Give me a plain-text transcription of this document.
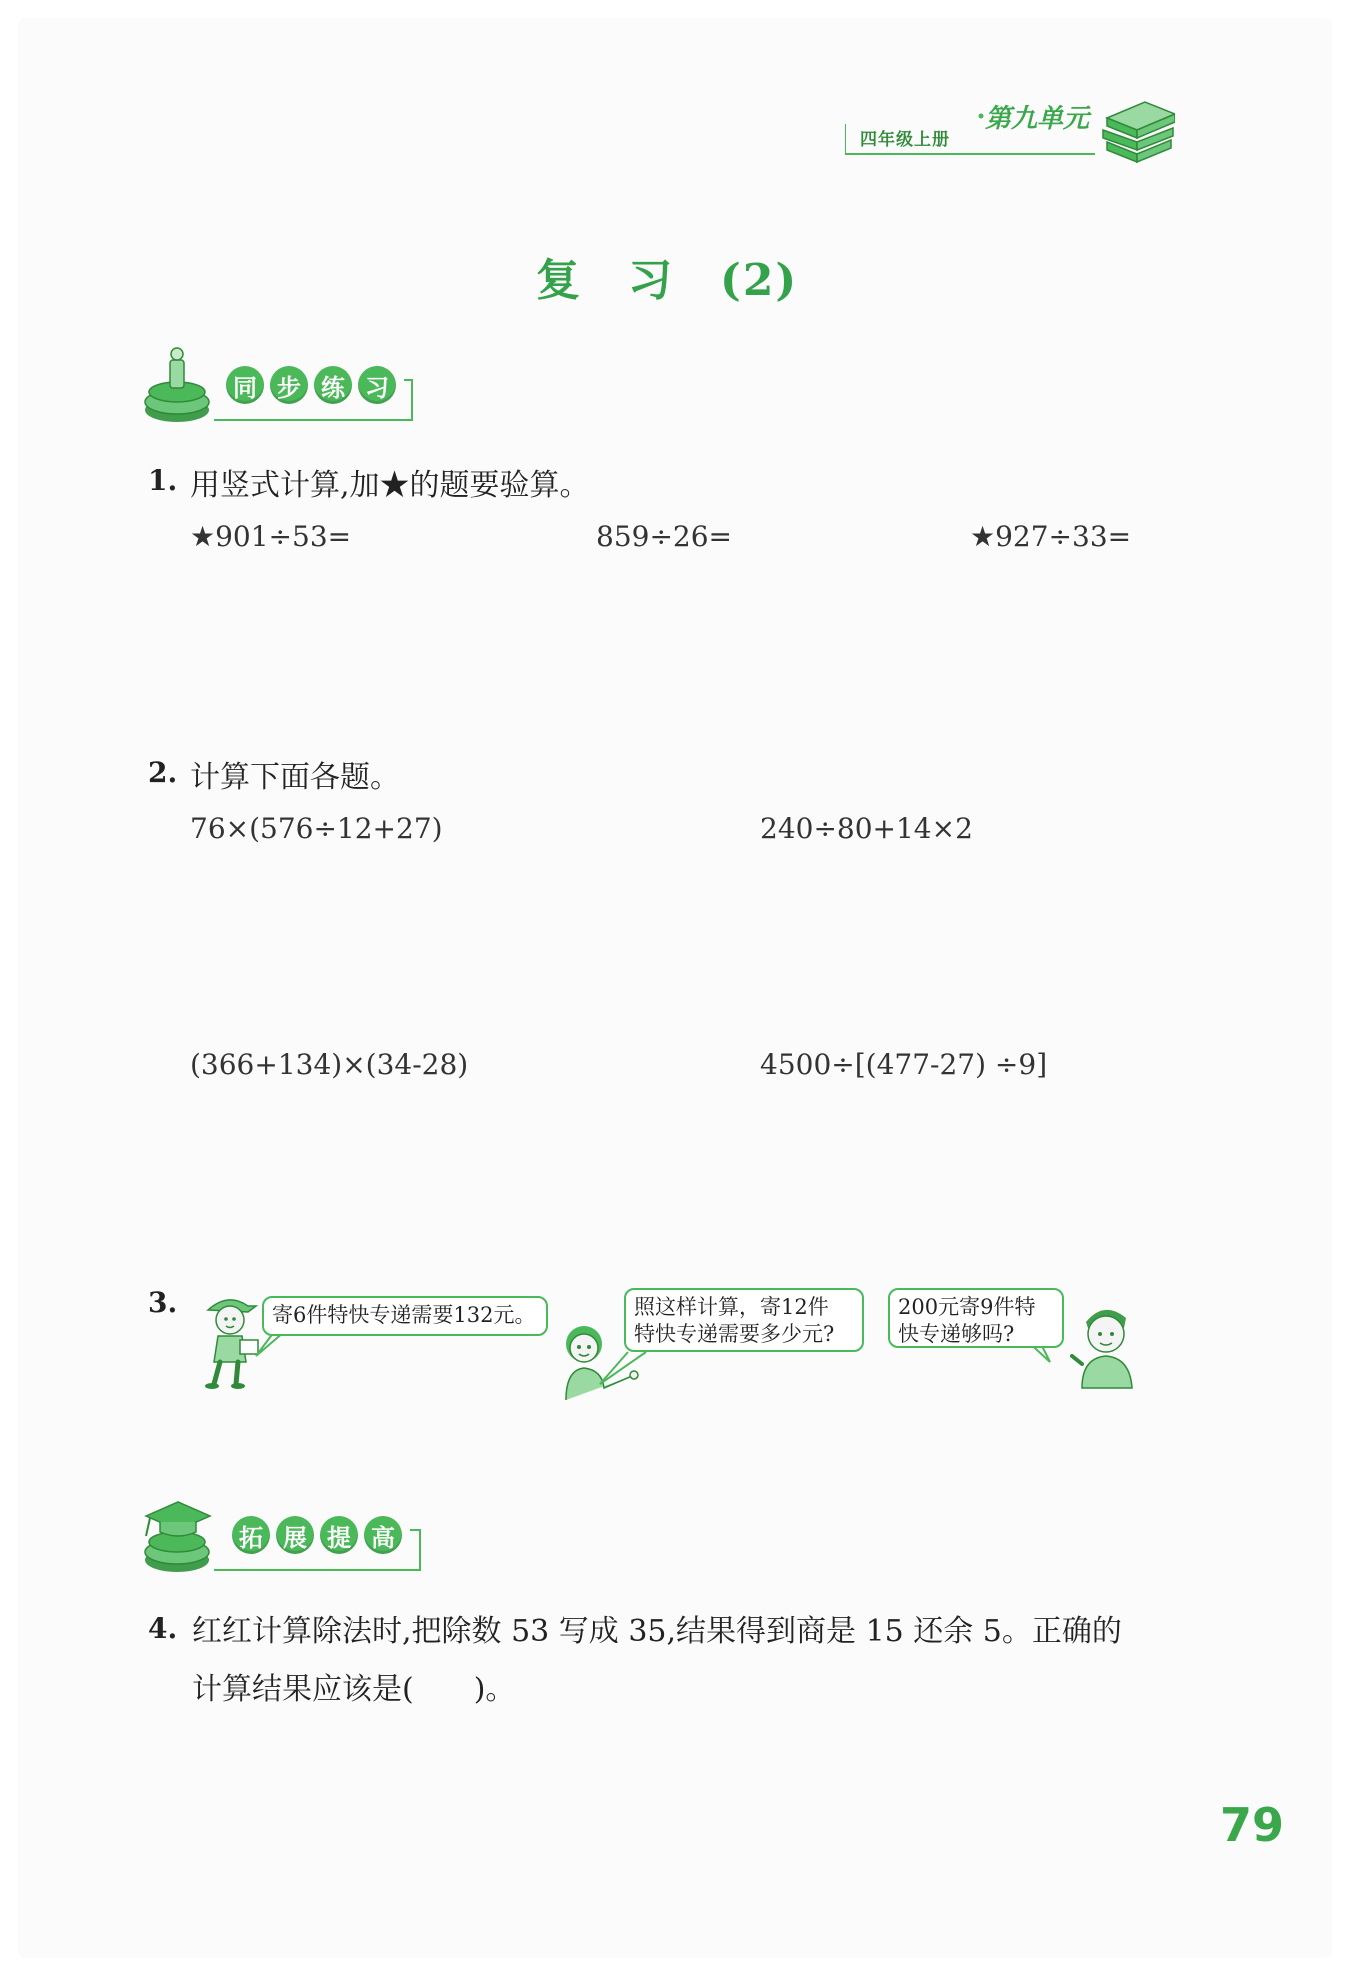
四年级上册
第九单元
复　习　(2)
同 步 练 习
1. 用竖式计算,加★的题要验算。
★901÷53=	859÷26=	★927÷33=
2. 计算下面各题。
76×(576÷12+27)	240÷80+14×2
(366+134)×(34-28)	4500÷[(477-27) ÷9]
3.	寄6件特快专递需要132元。	照这样计算，寄12件
特快专递需要多少元?
200元寄9件特
快专递够吗?
拓 展 提 高
4. 红红计算除法时,把除数 53 写成 35,结果得到商是 15 还余 5。正确的
计算结果应该是(　　)。
79
